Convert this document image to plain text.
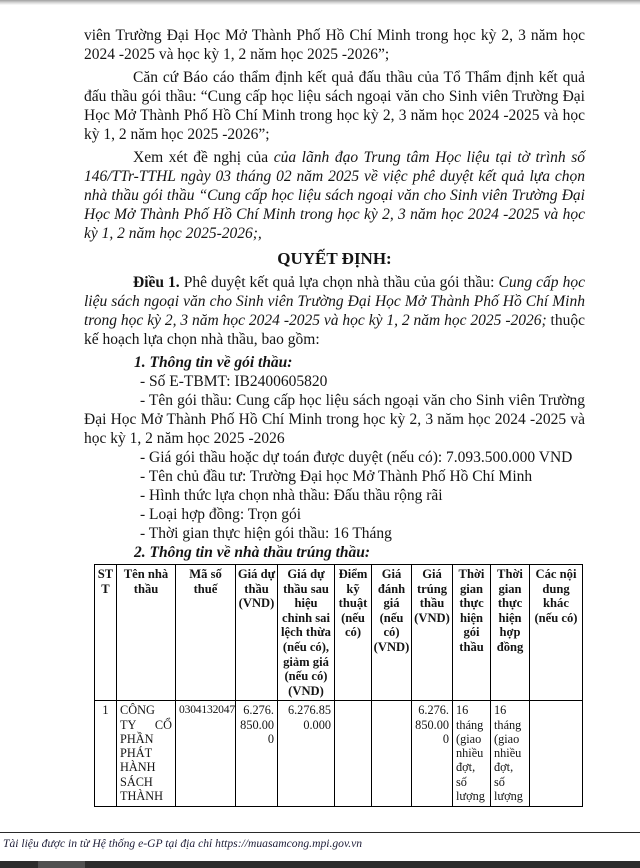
viên Trường Đại Học Mở Thành Phố Hồ Chí Minh trong học kỳ 2, 3 năm học 2024 -2025 và học kỳ 1, 2 năm học 2025 -2026”;

Căn cứ Báo cáo thẩm định kết quả đấu thầu của Tổ Thẩm định kết quả đấu thầu gói thầu: “Cung cấp học liệu sách ngoại văn cho Sinh viên Trường Đại Học Mở Thành Phố Hồ Chí Minh trong học kỳ 2, 3 năm học 2024 -2025 và học kỳ 1, 2 năm học 2025 -2026”;

Xem xét đề nghị của của lãnh đạo Trung tâm Học liệu tại tờ trình số 146/TTr-TTHL ngày 03 tháng 02 năm 2025 về việc phê duyệt kết quả lựa chọn nhà thầu gói thầu “Cung cấp học liệu sách ngoại văn cho Sinh viên Trường Đại Học Mở Thành Phố Hồ Chí Minh trong học kỳ 2, 3 năm học 2024 -2025 và học kỳ 1, 2 năm học 2025-2026;,

QUYẾT ĐỊNH:

Điều 1. Phê duyệt kết quả lựa chọn nhà thầu của gói thầu: Cung cấp học liệu sách ngoại văn cho Sinh viên Trường Đại Học Mở Thành Phố Hồ Chí Minh trong học kỳ 2, 3 năm học 2024 -2025 và học kỳ 1, 2 năm học 2025 -2026; thuộc kế hoạch lựa chọn nhà thầu, bao gồm:

1. Thông tin về gói thầu:

- Số E-TBMT: IB2400605820

- Tên gói thầu: Cung cấp học liệu sách ngoại văn cho Sinh viên Trường Đại Học Mở Thành Phố Hồ Chí Minh trong học kỳ 2, 3 năm học 2024 -2025 và học kỳ 1, 2 năm học 2025 -2026

- Giá gói thầu hoặc dự toán được duyệt (nếu có): 7.093.500.000 VND

- Tên chủ đầu tư: Trường Đại học Mở Thành Phố Hồ Chí Minh

- Hình thức lựa chọn nhà thầu: Đấu thầu rộng rãi

- Loại hợp đồng: Trọn gói

- Thời gian thực hiện gói thầu: 16 Tháng

2. Thông tin về nhà thầu trúng thầu:

STT	Tên nhà thầu	Mã số thuế	Giá dự thầu (VND)	Giá dự thầu sau hiệu chỉnh sai lệch thừa (nếu có), giảm giá (nếu có) (VND)	Điểm kỹ thuật (nếu có)	Giá đánh giá (nếu có) (VND)	Giá trúng thầu (VND)	Thời gian thực hiện gói thầu	Thời gian thực hiện hợp đồng	Các nội dung khác (nếu có)
1	CÔNG TY CỔ PHẦN PHÁT HÀNH SÁCH THÀNH	0304132047	6.276.850.000	6.276.850.000			6.276.850.000	16 tháng (giao nhiều đợt, số lượng	16 tháng (giao nhiều đợt, số lượng	
Tài liệu được in từ Hệ thống e-GP tại địa chỉ https://muasamcong.mpi.gov.vn
